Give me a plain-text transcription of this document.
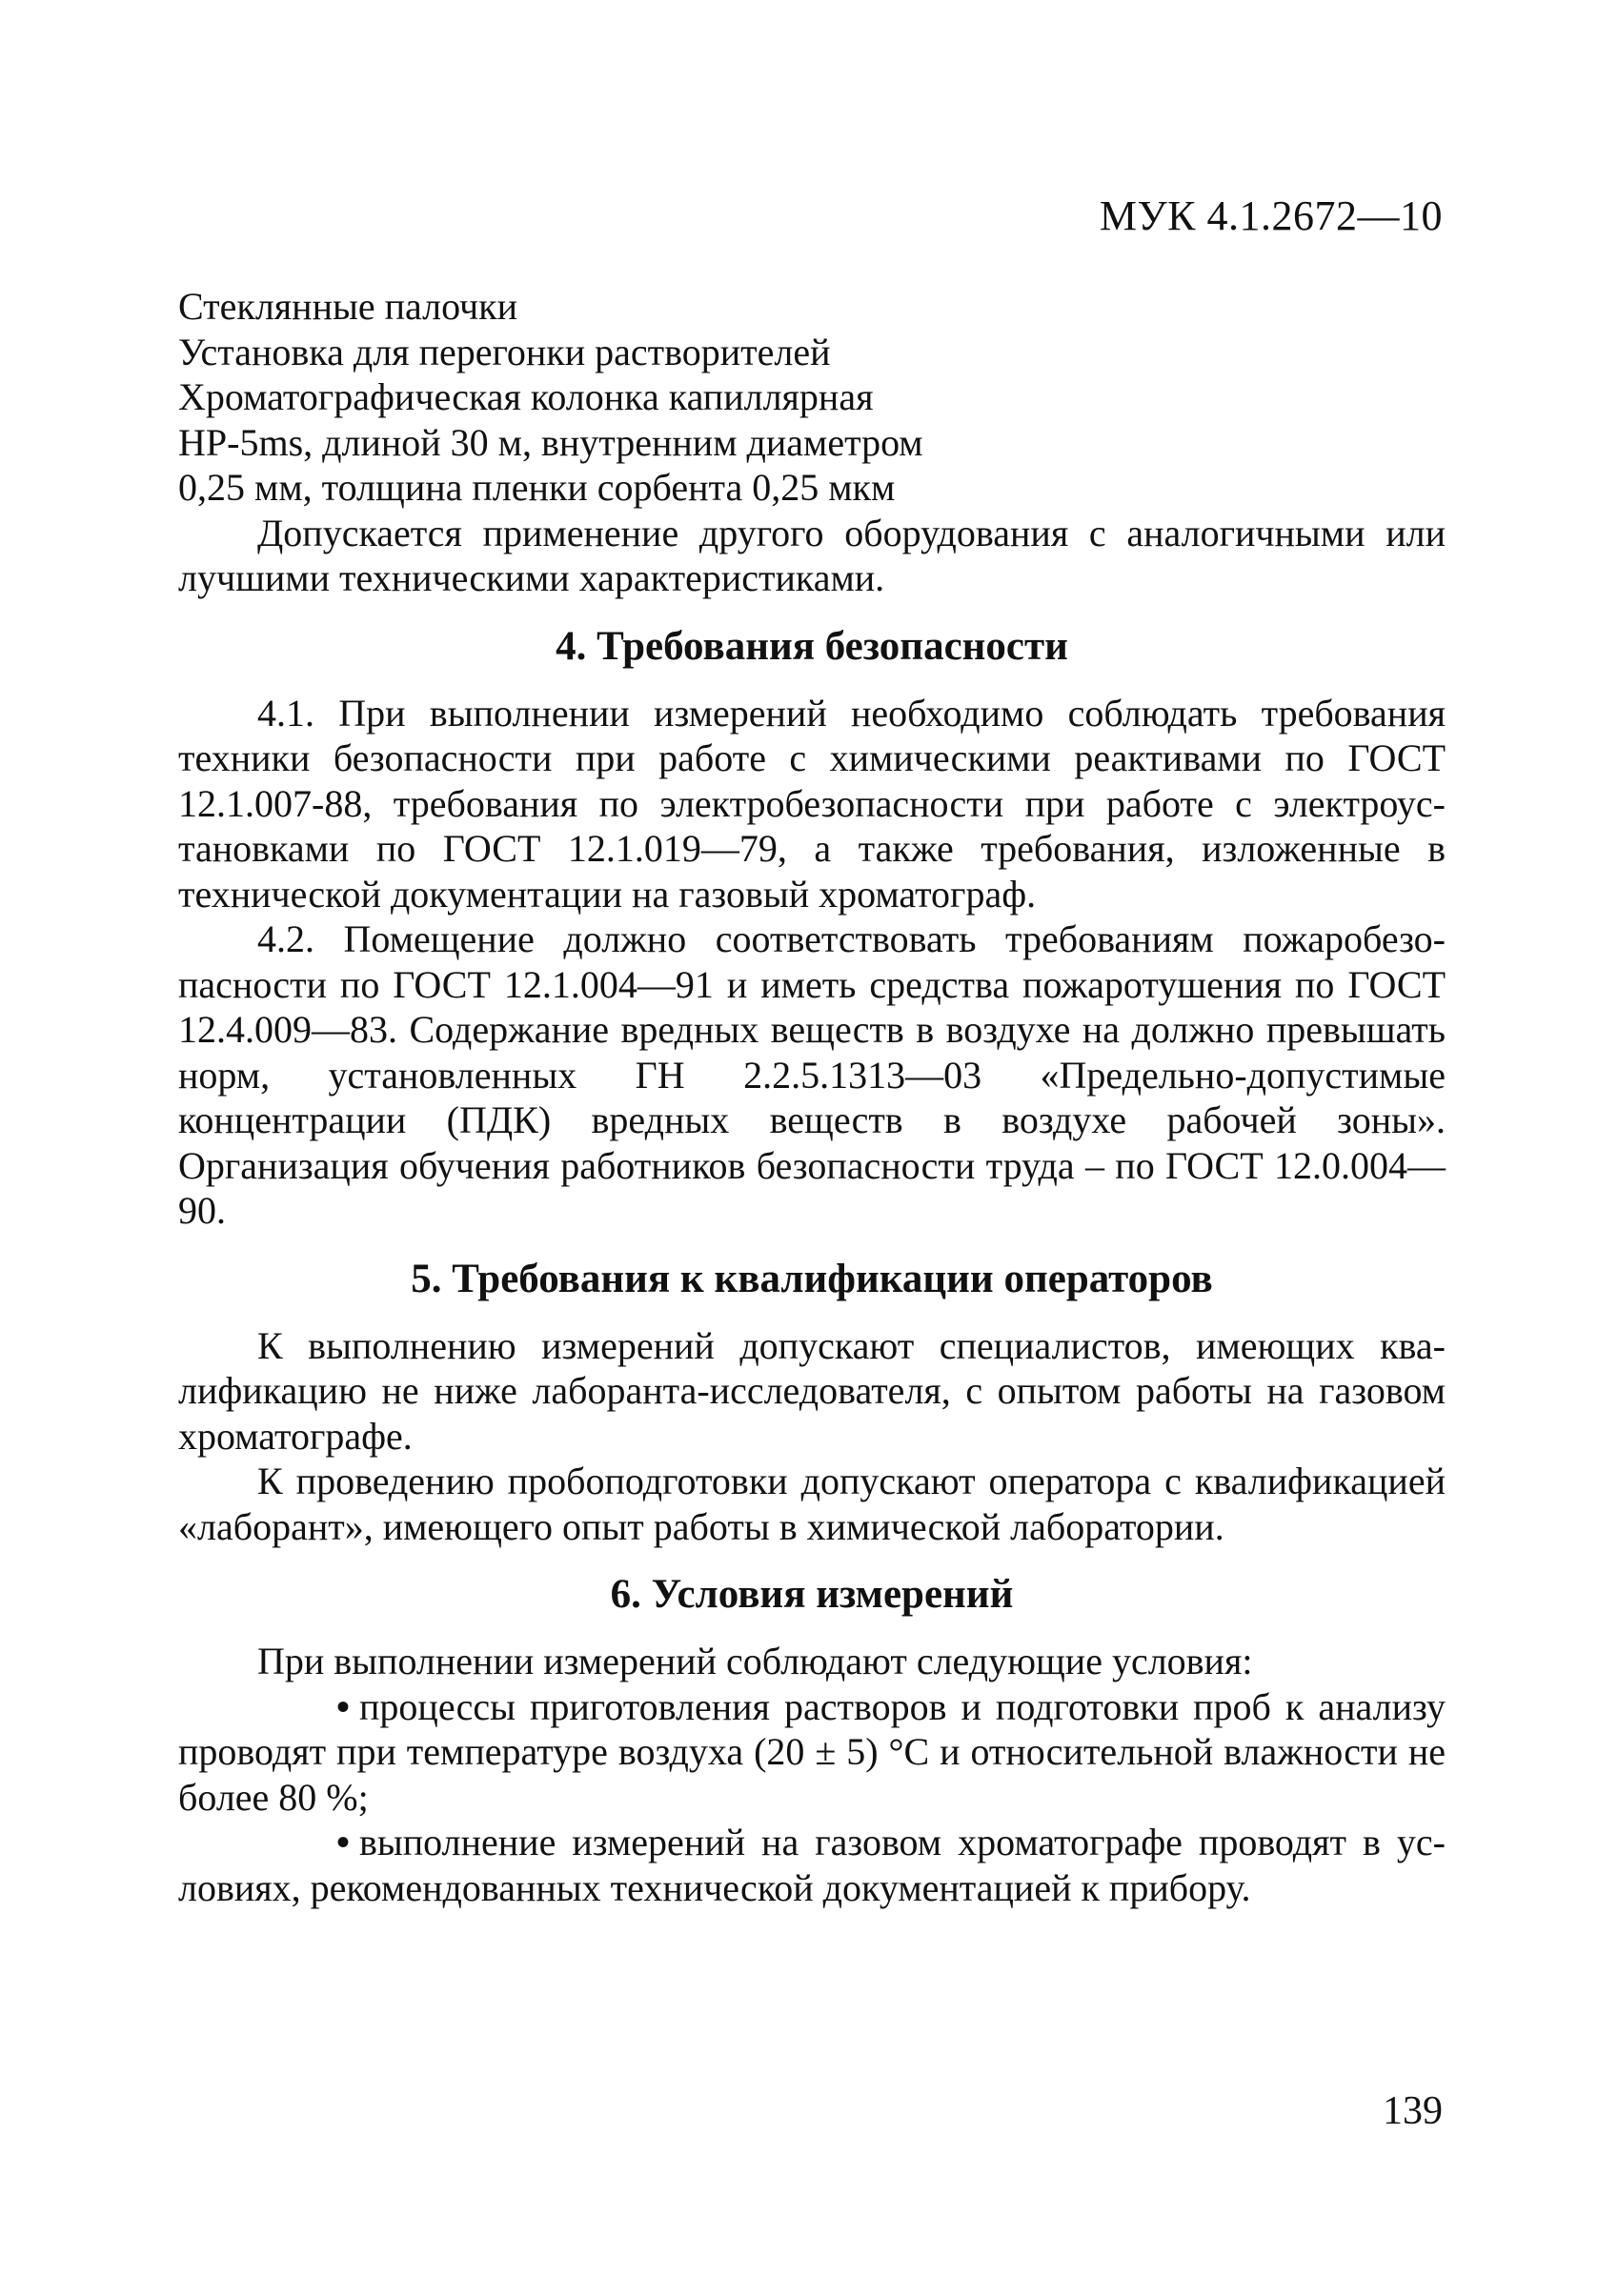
МУК 4.1.2672—10
Стеклянные палочки
Установка для перегонки растворителей
Хроматографическая колонка капиллярная
HP-5ms, длиной 30 м, внутренним диаметром
0,25 мм, толщина пленки сорбента 0,25 мкм

Допускается применение другого оборудования с аналогичными или лучшими техническими характеристиками.

4. Требования безопасности

4.1. При выполнении измерений необходимо соблюдать требования техники безопасности при работе с химическими реактивами по ГОСТ 12.1.007-88, требования по электробезопасности при работе с электроустановками по ГОСТ 12.1.019—79, а также требования, изложенные в технической документации на газовый хроматограф.

4.2. Помещение должно соответствовать требованиям пожаробезопасности по ГОСТ 12.1.004—91 и иметь средства пожаротушения по ГОСТ 12.4.009—83. Содержание вредных веществ в воздухе на должно превышать норм, установленных ГН 2.2.5.1313—03 «Предельно-допустимые концентрации (ПДК) вредных веществ в воздухе рабочей зоны». Организация обучения работников безопасности труда – по ГОСТ 12.0.004—90.

5. Требования к квалификации операторов

К выполнению измерений допускают специалистов, имеющих квалификацию не ниже лаборанта-исследователя, с опытом работы на газовом хроматографе.

К проведению пробоподготовки допускают оператора с квалификацией «лаборант», имеющего опыт работы в химической лаборатории.

6. Условия измерений

При выполнении измерений соблюдают следующие условия:

• процессы приготовления растворов и подготовки проб к анализу проводят при температуре воздуха (20 ± 5) °С и относительной влажности не более 80 %;

• выполнение измерений на газовом хроматографе проводят в условиях, рекомендованных технической документацией к прибору.

139
